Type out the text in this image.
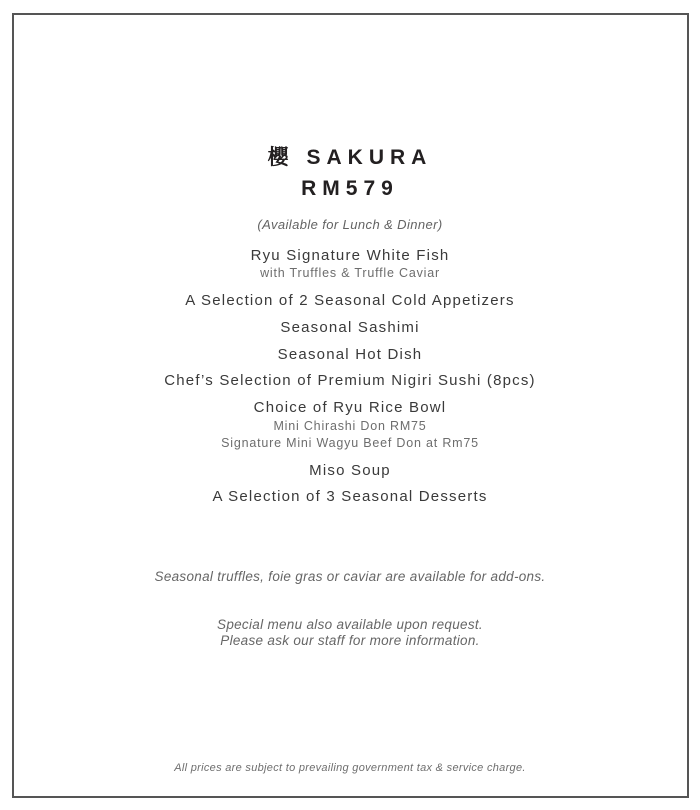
櫻 SAKURA
RM579
(Available for Lunch & Dinner)
Ryu Signature White Fish
with Truffles & Truffle Caviar
A Selection of 2 Seasonal Cold Appetizers
Seasonal Sashimi
Seasonal Hot Dish
Chef’s Selection of Premium Nigiri Sushi (8pcs)
Choice of Ryu Rice Bowl
Mini Chirashi Don RM75
Signature Mini Wagyu Beef Don at Rm75
Miso Soup
A Selection of 3 Seasonal Desserts
Seasonal truffles, foie gras or caviar are available for add-ons.
Special menu also available upon request.
Please ask our staff for more information.
All prices are subject to prevailing government tax & service charge.
